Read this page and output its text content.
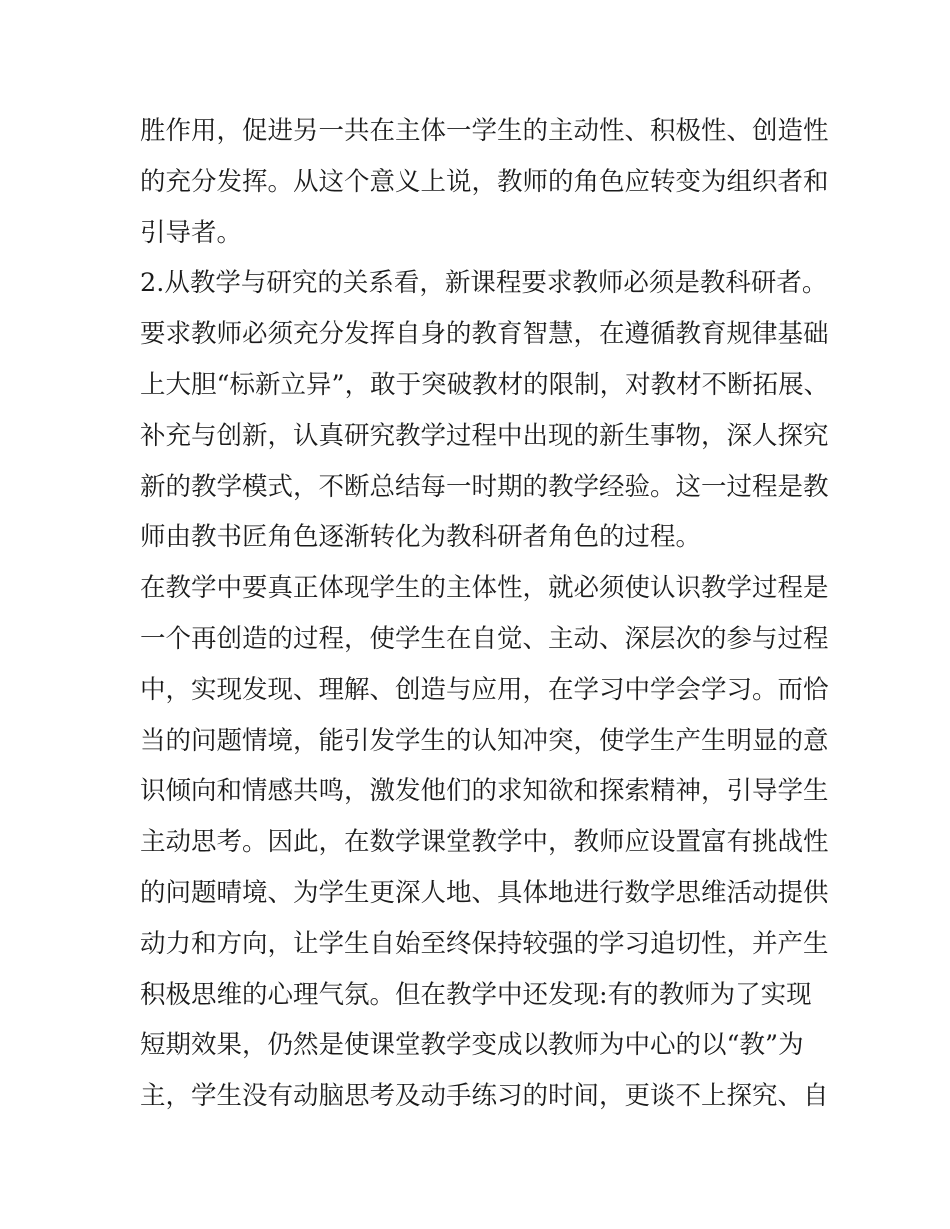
胜作用，促进另一共在主体一学生的主动性、积极性、创造性

的充分发挥。从这个意义上说，教师的角色应转变为组织者和

引导者。

2.从教学与研究的关系看，新课程要求教师必须是教科研者。

要求教师必须充分发挥自身的教育智慧，在遵循教育规律基础

上大胆“标新立异”，敢于突破教材的限制，对教材不断拓展、

补充与创新，认真研究教学过程中出现的新生事物，深人探究

新的教学模式，不断总结每一时期的教学经验。这一过程是教

师由教书匠角色逐渐转化为教科研者角色的过程。

在教学中要真正体现学生的主体性，就必须使认识教学过程是

一个再创造的过程，使学生在自觉、主动、深层次的参与过程

中，实现发现、理解、创造与应用，在学习中学会学习。而恰

当的问题情境，能引发学生的认知冲突，使学生产生明显的意

识倾向和情感共鸣，激发他们的求知欲和探索精神，引导学生

主动思考。因此，在数学课堂教学中，教师应设置富有挑战性

的问题晴境、为学生更深人地、具体地进行数学思维活动提供

动力和方向，让学生自始至终保持较强的学习追切性，并产生

积极思维的心理气氛。但在教学中还发现:有的教师为了实现

短期效果，仍然是使课堂教学变成以教师为中心的以“教”为

主，学生没有动脑思考及动手练习的时间，更谈不上探究、自
